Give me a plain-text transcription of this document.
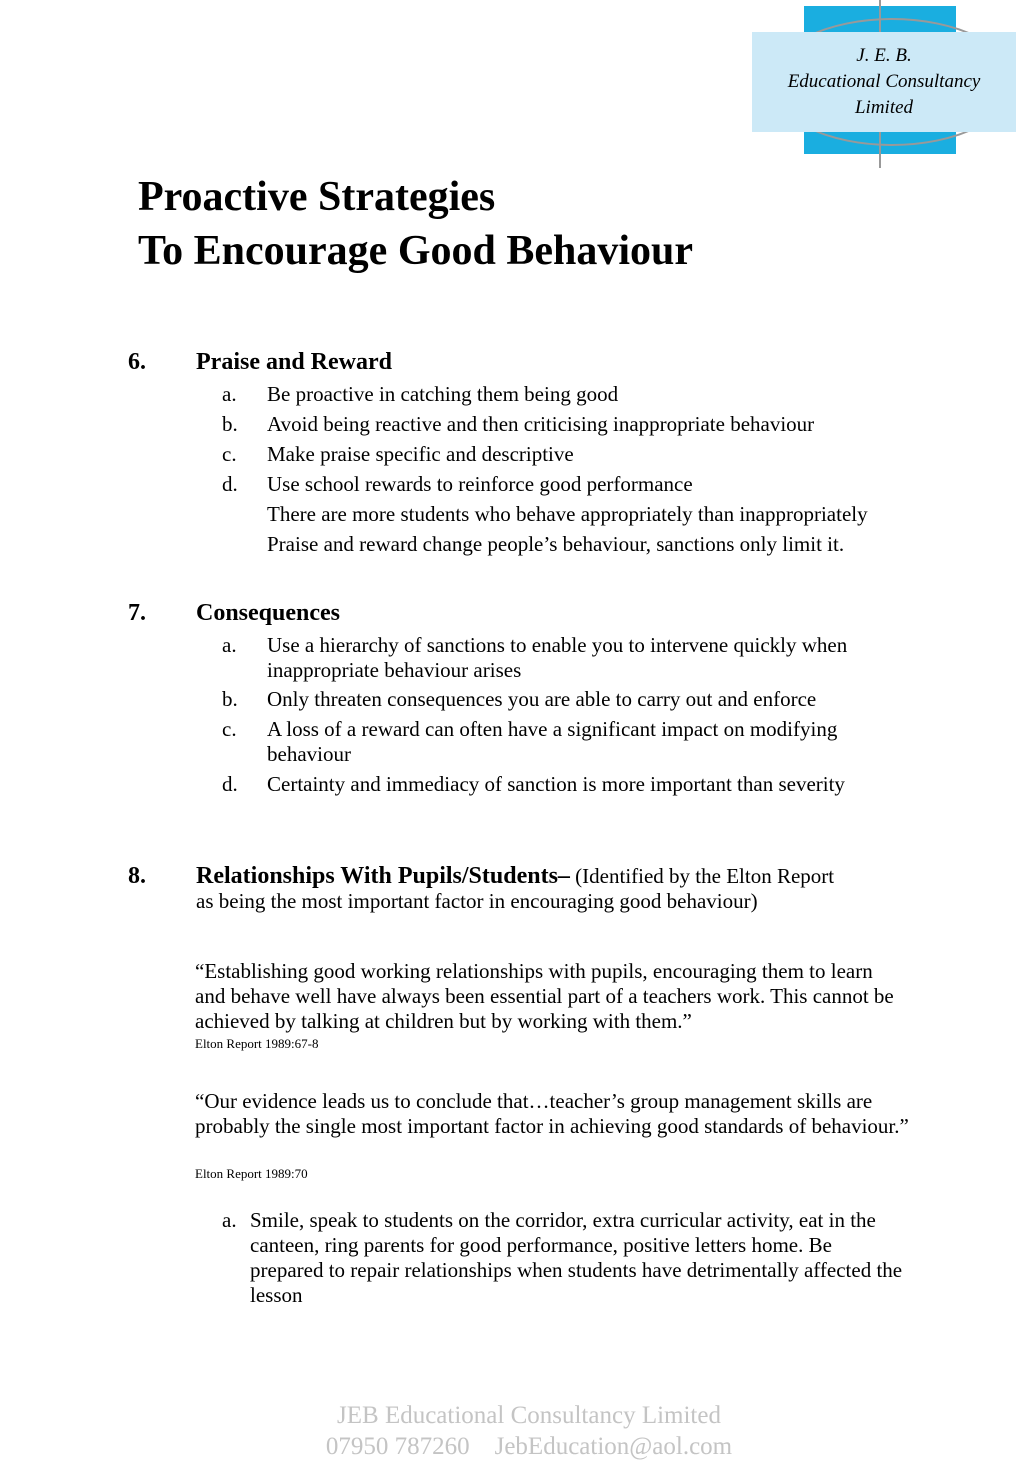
J. E. B.
Educational Consultancy
Limited
Proactive Strategies
To Encourage Good Behaviour
6. Praise and Reward
a. Be proactive in catching them being good
b. Avoid being reactive and then criticising inappropriate behaviour
c. Make praise specific and descriptive
d. Use school rewards to reinforce good performance
There are more students who behave appropriately than inappropriately
Praise and reward change people’s behaviour, sanctions only limit it.
7. Consequences
a. Use a hierarchy of sanctions to enable you to intervene quickly when inappropriate behaviour arises
b. Only threaten consequences you are able to carry out and enforce
c. A loss of a reward can often have a significant impact on modifying behaviour
d. Certainty and immediacy of sanction is more important than severity
8. Relationships With Pupils/Students– (Identified by the Elton Report
as being the most important factor in encouraging good behaviour)
“Establishing good working relationships with pupils, encouraging them to learn and behave well have always been essential part of a teachers work. This cannot be achieved by talking at children but by working with them.”
Elton Report 1989:67-8
“Our evidence leads us to conclude that…teacher’s group management skills are probably the single most important factor in achieving good standards of behaviour.”
Elton Report 1989:70
a. Smile, speak to students on the corridor, extra curricular activity, eat in the canteen, ring parents for good performance, positive letters home. Be prepared to repair relationships when students have detrimentally affected the lesson
JEB Educational Consultancy Limited
07950 787260    JebEducation@aol.com
